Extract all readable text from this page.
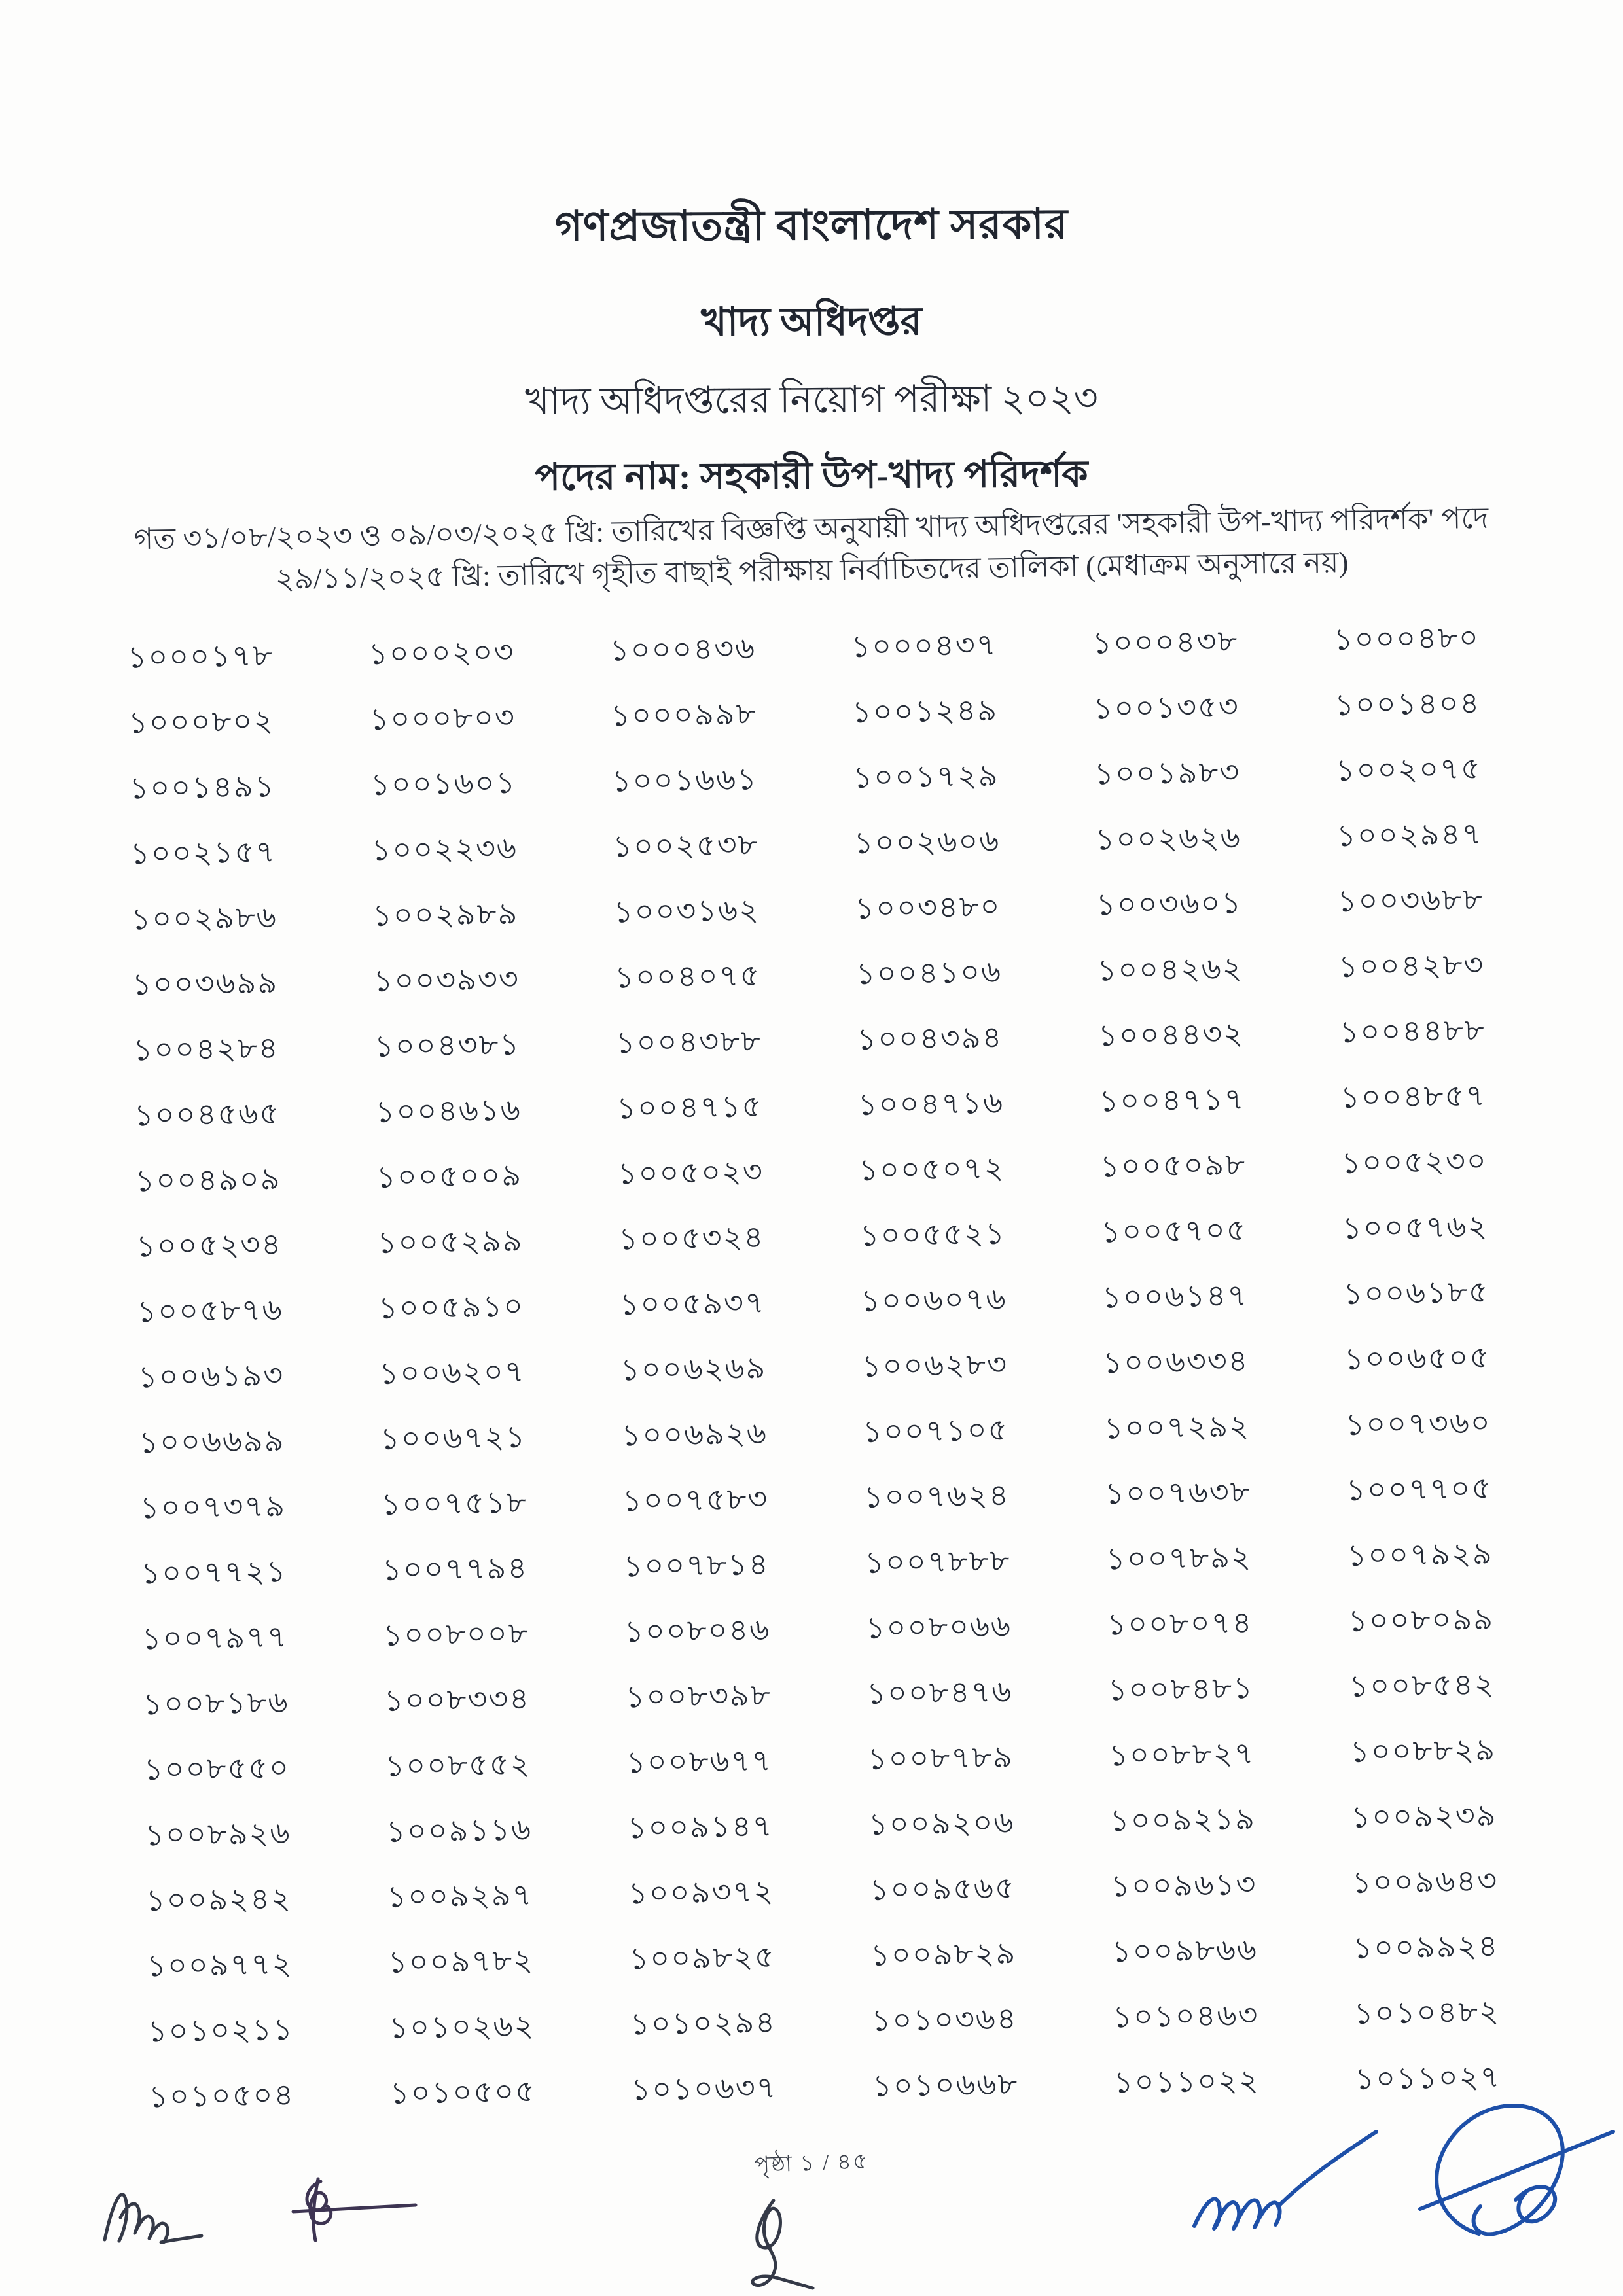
গণপ্রজাতন্ত্রী বাংলাদেশ সরকার
খাদ্য অধিদপ্তর
খাদ্য অধিদপ্তরের নিয়োগ পরীক্ষা ২০২৩
পদের নাম: সহকারী উপ-খাদ্য পরিদর্শক
গত ৩১/০৮/২০২৩ ও ০৯/০৩/২০২৫ খ্রি: তারিখের বিজ্ঞপ্তি অনুযায়ী খাদ্য অধিদপ্তরের 'সহকারী উপ-খাদ্য পরিদর্শক' পদে
২৯/১১/২০২৫ খ্রি: তারিখে গৃহীত বাছাই পরীক্ষায় নির্বাচিতদের তালিকা (মেধাক্রম অনুসারে নয়)
১০০০১৭৮	১০০০২০৩	১০০০৪৩৬	১০০০৪৩৭	১০০০৪৩৮	১০০০৪৮০
১০০০৮০২	১০০০৮০৩	১০০০৯৯৮	১০০১২৪৯	১০০১৩৫৩	১০০১৪০৪
১০০১৪৯১	১০০১৬০১	১০০১৬৬১	১০০১৭২৯	১০০১৯৮৩	১০০২০৭৫
১০০২১৫৭	১০০২২৩৬	১০০২৫৩৮	১০০২৬০৬	১০০২৬২৬	১০০২৯৪৭
১০০২৯৮৬	১০০২৯৮৯	১০০৩১৬২	১০০৩৪৮০	১০০৩৬০১	১০০৩৬৮৮
১০০৩৬৯৯	১০০৩৯৩৩	১০০৪০৭৫	১০০৪১০৬	১০০৪২৬২	১০০৪২৮৩
১০০৪২৮৪	১০০৪৩৮১	১০০৪৩৮৮	১০০৪৩৯৪	১০০৪৪৩২	১০০৪৪৮৮
১০০৪৫৬৫	১০০৪৬১৬	১০০৪৭১৫	১০০৪৭১৬	১০০৪৭১৭	১০০৪৮৫৭
১০০৪৯০৯	১০০৫০০৯	১০০৫০২৩	১০০৫০৭২	১০০৫০৯৮	১০০৫২৩০
১০০৫২৩৪	১০০৫২৯৯	১০০৫৩২৪	১০০৫৫২১	১০০৫৭০৫	১০০৫৭৬২
১০০৫৮৭৬	১০০৫৯১০	১০০৫৯৩৭	১০০৬০৭৬	১০০৬১৪৭	১০০৬১৮৫
১০০৬১৯৩	১০০৬২০৭	১০০৬২৬৯	১০০৬২৮৩	১০০৬৩৩৪	১০০৬৫০৫
১০০৬৬৯৯	১০০৬৭২১	১০০৬৯২৬	১০০৭১০৫	১০০৭২৯২	১০০৭৩৬০
১০০৭৩৭৯	১০০৭৫১৮	১০০৭৫৮৩	১০০৭৬২৪	১০০৭৬৩৮	১০০৭৭০৫
১০০৭৭২১	১০০৭৭৯৪	১০০৭৮১৪	১০০৭৮৮৮	১০০৭৮৯২	১০০৭৯২৯
১০০৭৯৭৭	১০০৮০০৮	১০০৮০৪৬	১০০৮০৬৬	১০০৮০৭৪	১০০৮০৯৯
১০০৮১৮৬	১০০৮৩৩৪	১০০৮৩৯৮	১০০৮৪৭৬	১০০৮৪৮১	১০০৮৫৪২
১০০৮৫৫০	১০০৮৫৫২	১০০৮৬৭৭	১০০৮৭৮৯	১০০৮৮২৭	১০০৮৮২৯
১০০৮৯২৬	১০০৯১১৬	১০০৯১৪৭	১০০৯২০৬	১০০৯২১৯	১০০৯২৩৯
১০০৯২৪২	১০০৯২৯৭	১০০৯৩৭২	১০০৯৫৬৫	১০০৯৬১৩	১০০৯৬৪৩
১০০৯৭৭২	১০০৯৭৮২	১০০৯৮২৫	১০০৯৮২৯	১০০৯৮৬৬	১০০৯৯২৪
১০১০২১১	১০১০২৬২	১০১০২৯৪	১০১০৩৬৪	১০১০৪৬৩	১০১০৪৮২
১০১০৫০৪	১০১০৫০৫	১০১০৬৩৭	১০১০৬৬৮	১০১১০২২	১০১১০২৭
পৃষ্ঠা ১ / ৪৫
